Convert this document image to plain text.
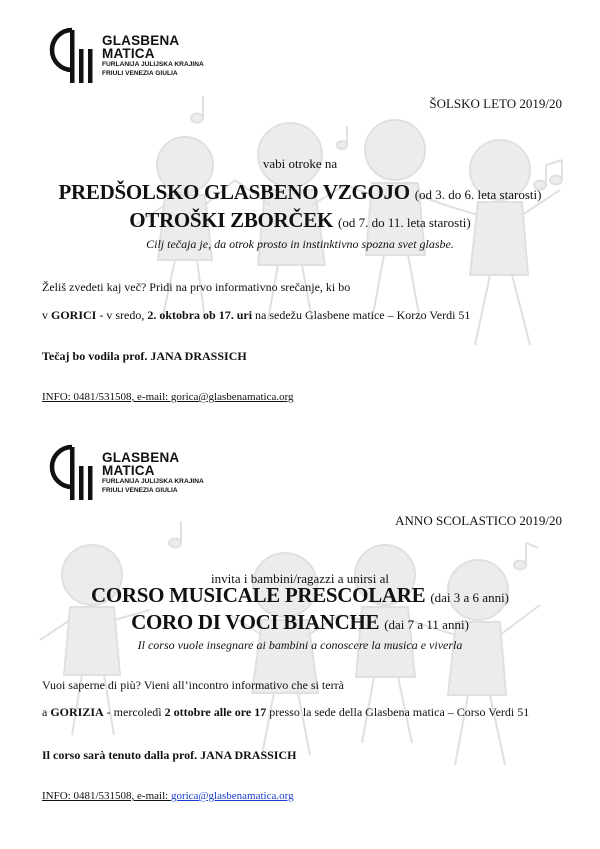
GLASBENA
MATICA
FURLANIJA JULIJSKA KRAJINA
FRIULI VENEZIA GIULIA
ŠOLSKO LETO 2019/20
vabi otroke na
PREDŠOLSKO GLASBENO VZGOJO (od 3. do 6. leta starosti)
OTROŠKI ZBORČEK (od 7. do 11. leta starosti)
Cilj tečaja je, da otrok prosto in instinktivno spozna svet glasbe.
Želiš zvedeti kaj več? Pridi na prvo informativno srečanje, ki bo
v GORICI - v sredo, 2. oktobra ob 17. uri na sedežu Glasbene matice – Korzo Verdi 51
Tečaj bo vodila prof. JANA DRASSICH
INFO: 0481/531508, e-mail: gorica@glasbenamatica.org
GLASBENA
MATICA
FURLANIJA JULIJSKA KRAJINA
FRIULI VENEZIA GIULIA
ANNO SCOLASTICO 2019/20
invita i bambini/ragazzi a unirsi al
CORSO MUSICALE PRESCOLARE (dai 3 a 6 anni)
CORO DI VOCI BIANCHE (dai 7 a 11 anni)
Il corso vuole insegnare ai bambini a conoscere la musica e viverla
Vuoi saperne di più? Vieni all’incontro informativo che si terrà
a GORIZIA - mercoledì 2 ottobre alle ore 17 presso la sede della Glasbena matica – Corso Verdi 51
Il corso sarà tenuto dalla prof. JANA DRASSICH
INFO: 0481/531508, e-mail: gorica@glasbenamatica.org
